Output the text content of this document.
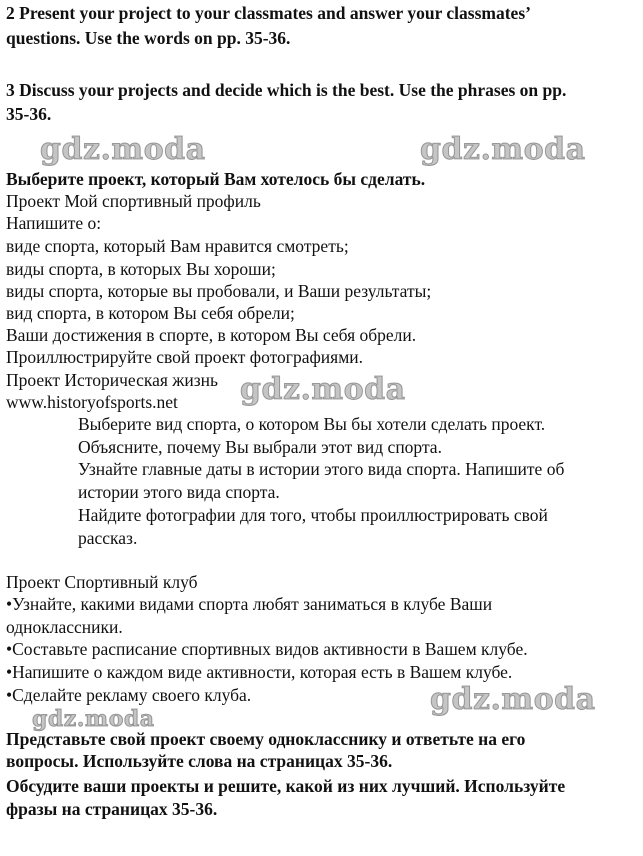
2 Present your project to your classmates and answer your classmates’
questions. Use the words on pp. 35-36.
3 Discuss your projects and decide which is the best. Use the phrases on pp.
35-36.
gdz.moda	gdz.moda
Выберите проект, который Вам хотелось бы сделать.
Проект Мой спортивный профиль
Напишите о:
виде спорта, который Вам нравится смотреть;
виды спорта, в которых Вы хороши;
виды спорта, которые вы пробовали, и Ваши результаты;
вид спорта, в котором Вы себя обрели;
Ваши достижения в спорте, в котором Вы себя обрели.
Проиллюстрируйте свой проект фотографиями.
Проект Историческая жизнь gdz.moda
www.historyofsports.net
Выберите вид спорта, о котором Вы бы хотели сделать проект.
Объясните, почему Вы выбрали этот вид спорта.
Узнайте главные даты в истории этого вида спорта. Напишите об
истории этого вида спорта.
Найдите фотографии для того, чтобы проиллюстрировать свой
рассказ.
Проект Спортивный клуб
•Узнайте, какими видами спорта любят заниматься в клубе Ваши
одноклассники.
•Составьте расписание спортивных видов активности в Вашем клубе.
•Напишите о каждом виде активности, которая есть в Вашем клубе.
•Сделайте рекламу своего клуба.	gdz.moda
gdz.moda
Представьте свой проект своему однокласснику и ответьте на его
вопросы. Используйте слова на страницах 35-36.
Обсудите ваши проекты и решите, какой из них лучший. Используйте
фразы на страницах 35-36.
